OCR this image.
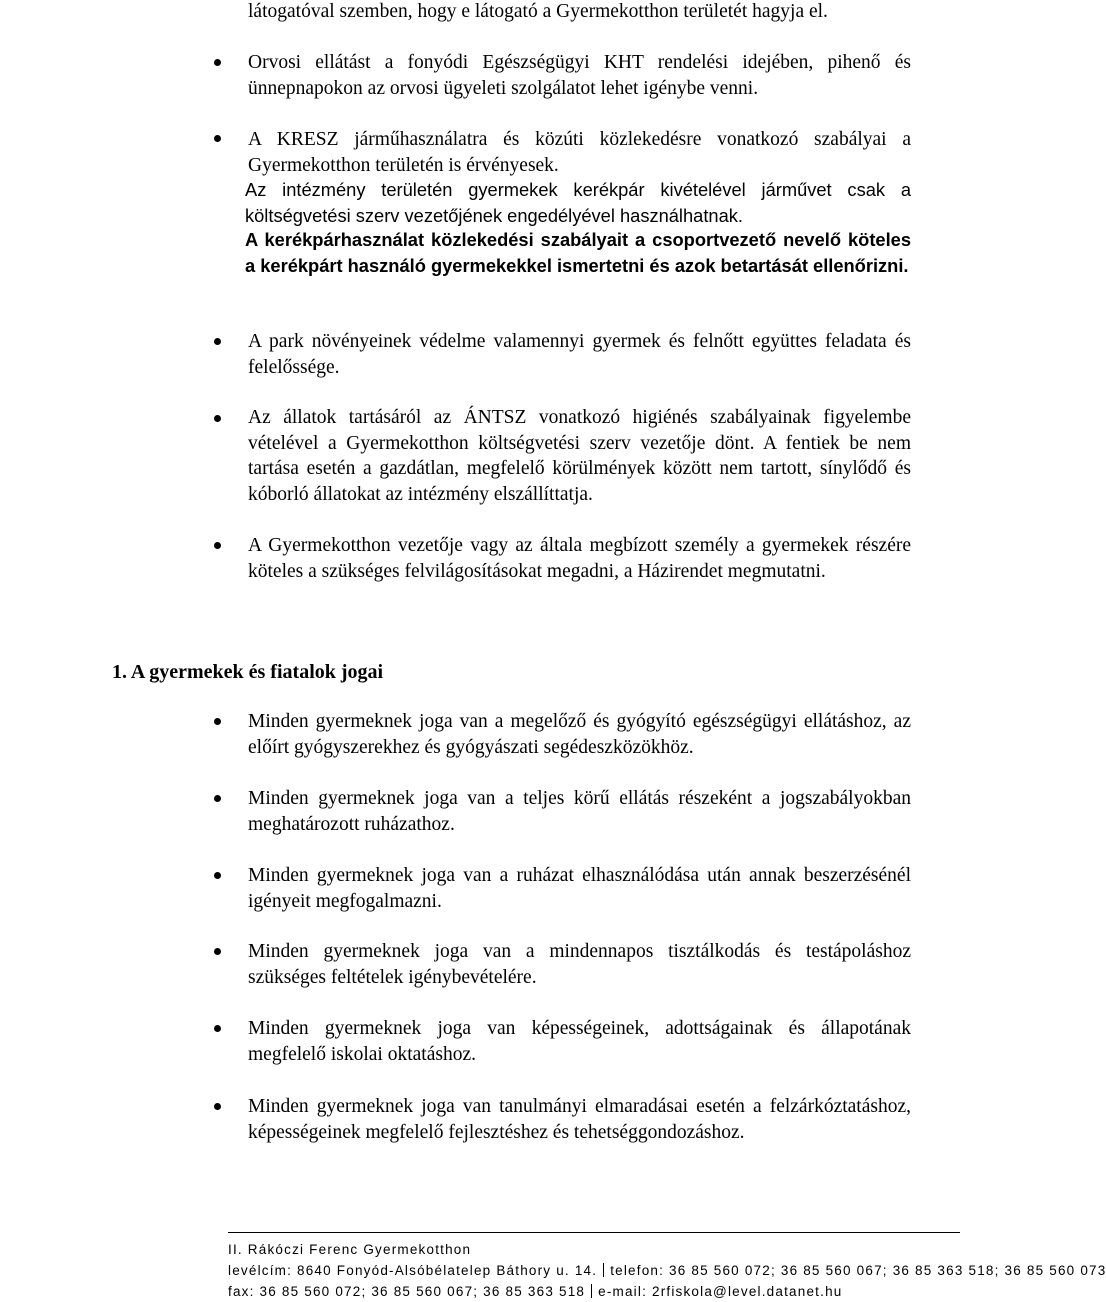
látogatóval szemben, hogy e látogató a Gyermekotthon területét hagyja el.

Orvosi ellátást a fonyódi Egészségügyi KHT rendelési idejében, pihenő és ünnepnapokon az orvosi ügyeleti szolgálatot lehet igénybe venni.

A KRESZ járműhasználatra és közúti közlekedésre vonatkozó szabályai a Gyermekotthon területén is érvényesek.

Az intézmény területén gyermekek kerékpár kivételével járművet csak a költségvetési szerv vezetőjének engedélyével használhatnak.

A kerékpárhasználat közlekedési szabályait a csoportvezető nevelő köteles a kerékpárt használó gyermekekkel ismertetni és azok betartását ellenőrizni.

A park növényeinek védelme valamennyi gyermek és felnőtt együttes feladata és felelőssége.

Az állatok tartásáról az ÁNTSZ vonatkozó higiénés szabályainak figyelembe vételével a Gyermekotthon költségvetési szerv vezetője dönt. A fentiek be nem tartása esetén a gazdátlan, megfelelő körülmények között nem tartott, sínylődő és kóborló állatokat az intézmény elszállíttatja.

A Gyermekotthon vezetője vagy az általa megbízott személy a gyermekek részére köteles a szükséges felvilágosításokat megadni, a Házirendet megmutatni.

1. A gyermekek és fiatalok jogai

Minden gyermeknek joga van a megelőző és gyógyító egészségügyi ellátáshoz, az előírt gyógyszerekhez és gyógyászati segédeszközökhöz.

Minden gyermeknek joga van a teljes körű ellátás részeként a jogszabályokban meghatározott ruházathoz.

Minden gyermeknek joga van a ruházat elhasználódása után annak beszerzésénél igényeit megfogalmazni.

Minden gyermeknek joga van a mindennapos tisztálkodás és testápoláshoz szükséges feltételek igénybevételére.

Minden gyermeknek joga van képességeinek, adottságainak és állapotának megfelelő iskolai oktatáshoz.

Minden gyermeknek joga van tanulmányi elmaradásai esetén a felzárkóztatáshoz, képességeinek megfelelő fejlesztéshez és tehetséggondozáshoz.

II. Rákóczi Ferenc Gyermekotthon

levélcím: 8640 Fonyód-Alsóbélatelep Báthory u. 14. telefon: 36 85 560 072; 36 85 560 067; 36 85 363 518; 36 85 560 073

fax: 36 85 560 072; 36 85 560 067; 36 85 363 518 e-mail: 2rfiskola@level.datanet.hu
